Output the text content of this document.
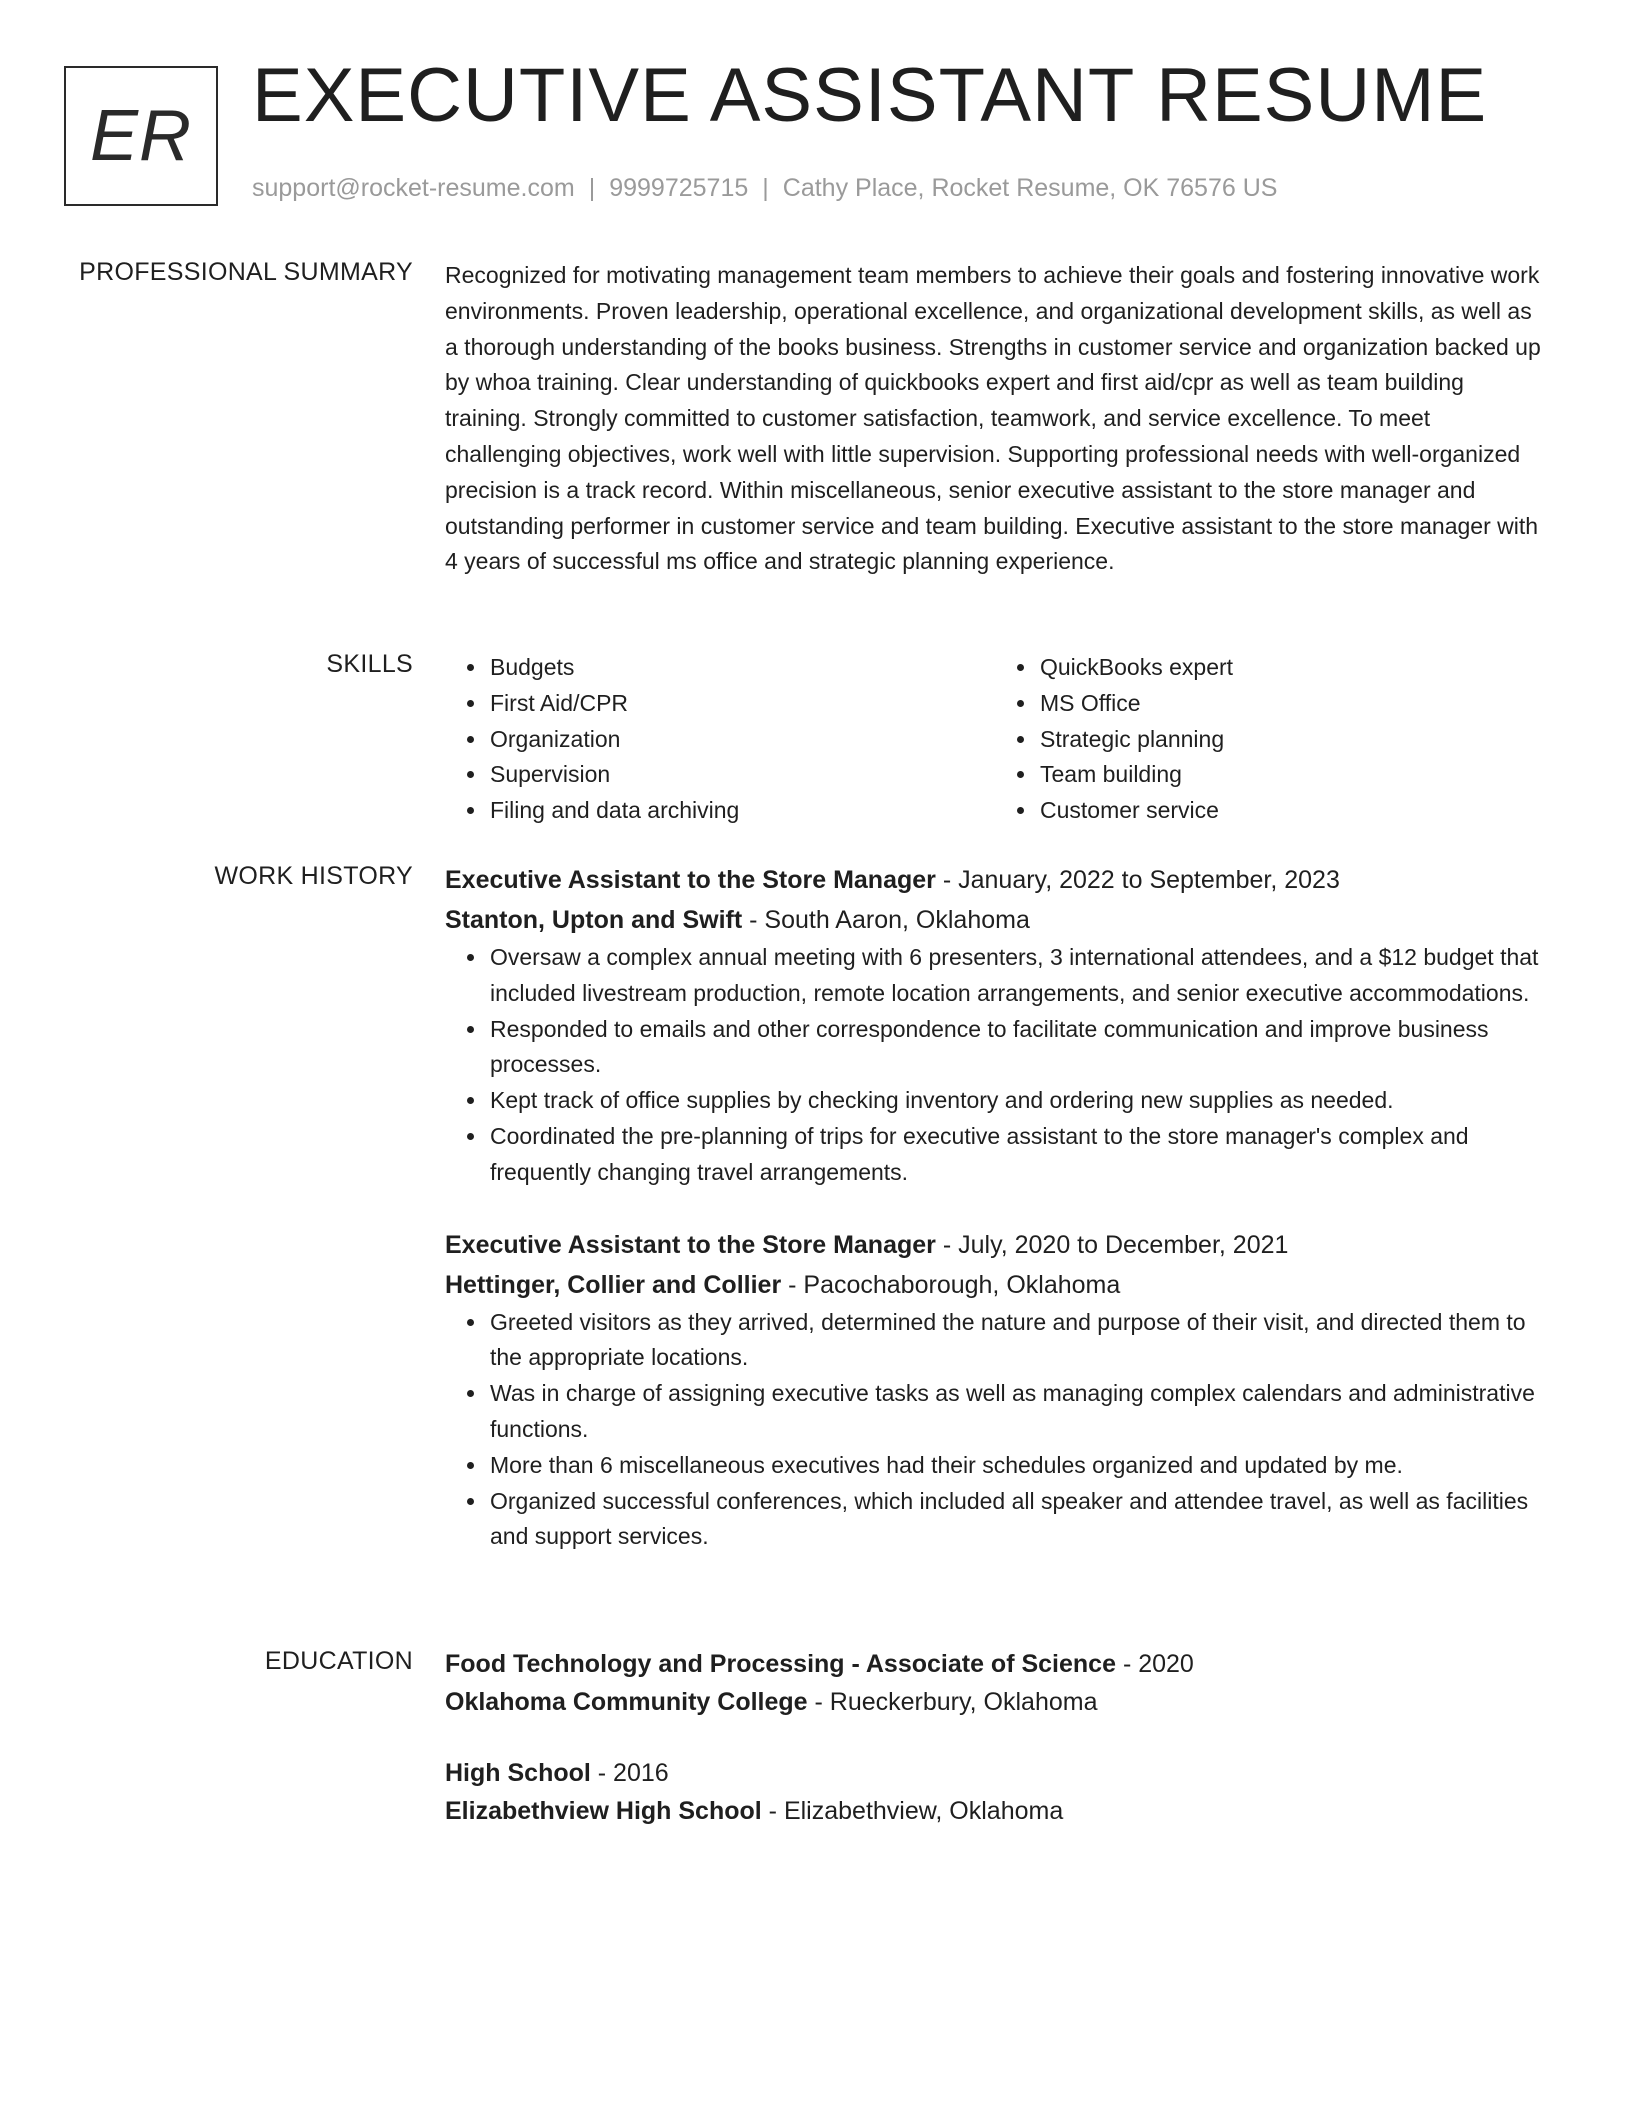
ER EXECUTIVE ASSISTANT RESUME
support@rocket-resume.com | 9999725715 | Cathy Place, Rocket Resume, OK 76576 US
PROFESSIONAL SUMMARY Recognized for motivating management team members to achieve their goals and fostering innovative work environments. Proven leadership, operational excellence, and organizational development skills, as well as a thorough understanding of the books business. Strengths in customer service and organization backed up by whoa training. Clear understanding of quickbooks expert and first aid/cpr as well as team building training. Strongly committed to customer satisfaction, teamwork, and service excellence. To meet challenging objectives, work well with little supervision. Supporting professional needs with well-organized precision is a track record. Within miscellaneous, senior executive assistant to the store manager and outstanding performer in customer service and team building. Executive assistant to the store manager with 4 years of successful ms office and strategic planning experience.

SKILLS
•	Budgets
• First Aid/CPR
• Organization
• Supervision
• Filing and data archiving
• QuickBooks expert
• MS Office
• Strategic planning
• Team building
• Customer service
WORK HISTORY Executive Assistant to the Store Manager - January, 2022 to September, 2023
Stanton, Upton and Swift - South Aaron, Oklahoma
• Oversaw a complex annual meeting with 6 presenters, 3 international attendees, and a $12 budget that included livestream production, remote location arrangements, and senior executive accommodations.
• Responded to emails and other correspondence to facilitate communication and improve business processes.
• Kept track of office supplies by checking inventory and ordering new supplies as needed.
• Coordinated the pre-planning of trips for executive assistant to the store manager's complex and frequently changing travel arrangements.
Executive Assistant to the Store Manager - July, 2020 to December, 2021
Hettinger, Collier and Collier - Pacochaborough, Oklahoma
• Greeted visitors as they arrived, determined the nature and purpose of their visit, and directed them to the appropriate locations.
• Was in charge of assigning executive tasks as well as managing complex calendars and administrative functions.
• More than 6 miscellaneous executives had their schedules organized and updated by me.
• Organized successful conferences, which included all speaker and attendee travel, as well as facilities and support services.
EDUCATION Food Technology and Processing - Associate of Science - 2020
Oklahoma Community College - Rueckerbury, Oklahoma
High School - 2016
Elizabethview High School - Elizabethview, Oklahoma
